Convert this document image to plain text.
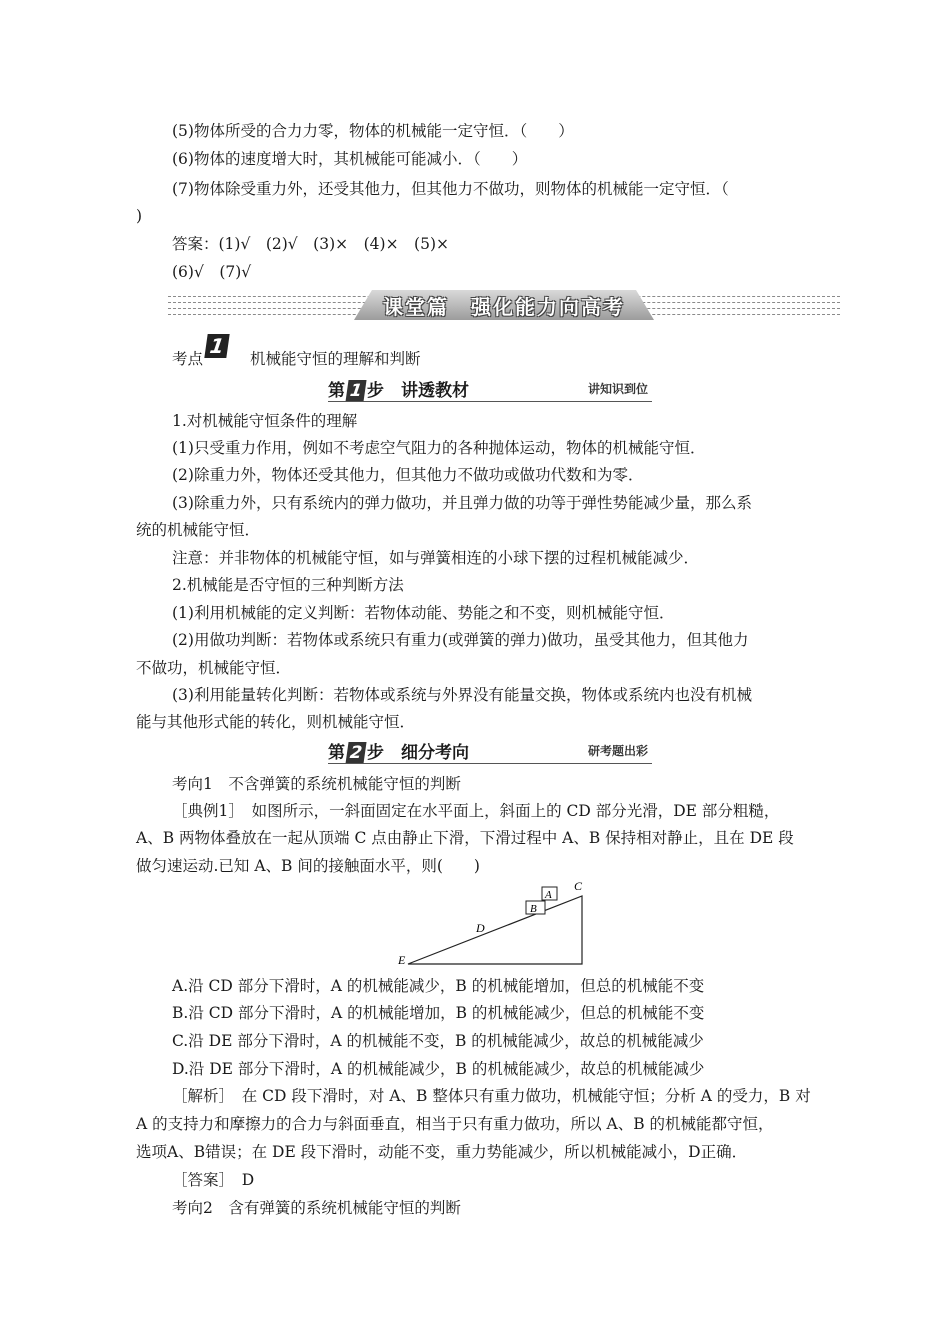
(5)物体所受的合力力零，物体的机械能一定守恒．（　　）
(6)物体的速度增大时，其机械能可能减小．（　　）
(7)物体除受重力外，还受其他力，但其他力不做功，则物体的机械能一定守恒．（
)
答案：(1)√　(2)√　(3)×　(4)×　(5)×
(6)√　(7)√
课堂篇　强化能力向高考
考点
1
机械能守恒的理解和判断
第 1 步　讲透教材	讲知识到位
1.对机械能守恒条件的理解
(1)只受重力作用，例如不考虑空气阻力的各种抛体运动，物体的机械能守恒．
(2)除重力外，物体还受其他力，但其他力不做功或做功代数和为零．
(3)除重力外，只有系统内的弹力做功，并且弹力做的功等于弹性势能减少量，那么系
统的机械能守恒．
注意：并非物体的机械能守恒，如与弹簧相连的小球下摆的过程机械能减少．
2.机械能是否守恒的三种判断方法
(1)利用机械能的定义判断：若物体动能、势能之和不变，则机械能守恒．
(2)用做功判断：若物体或系统只有重力(或弹簧的弹力)做功，虽受其他力，但其他力
不做功，机械能守恒．
(3)利用能量转化判断：若物体或系统与外界没有能量交换，物体或系统内也没有机械
能与其他形式能的转化，则机械能守恒．
第 2 步　细分考向	研考题出彩
考向1　不含弹簧的系统机械能守恒的判断
［典例1］　如图所示，一斜面固定在水平面上，斜面上的 CD 部分光滑，DE 部分粗糙，
A、B 两物体叠放在一起从顶端 C 点由静止下滑，下滑过程中 A、B 保持相对静止，且在 DE 段
做匀速运动.已知 A、B 间的接触面水平，则(　　)
A
B
C
D
E
A.沿 CD 部分下滑时，A 的机械能减少，B 的机械能增加，但总的机械能不变
B.沿 CD 部分下滑时，A 的机械能增加，B 的机械能减少，但总的机械能不变
C.沿 DE 部分下滑时，A 的机械能不变，B 的机械能减少，故总的机械能减少
D.沿 DE 部分下滑时，A 的机械能减少，B 的机械能减少，故总的机械能减少
［解析］　在 CD 段下滑时，对 A、B 整体只有重力做功，机械能守恒；分析 A 的受力，B 对
A 的支持力和摩擦力的合力与斜面垂直，相当于只有重力做功，所以 A、B 的机械能都守恒，
选项A、B错误；在 DE 段下滑时，动能不变，重力势能减少，所以机械能减小，D正确．
［答案］　D
考向2　含有弹簧的系统机械能守恒的判断
